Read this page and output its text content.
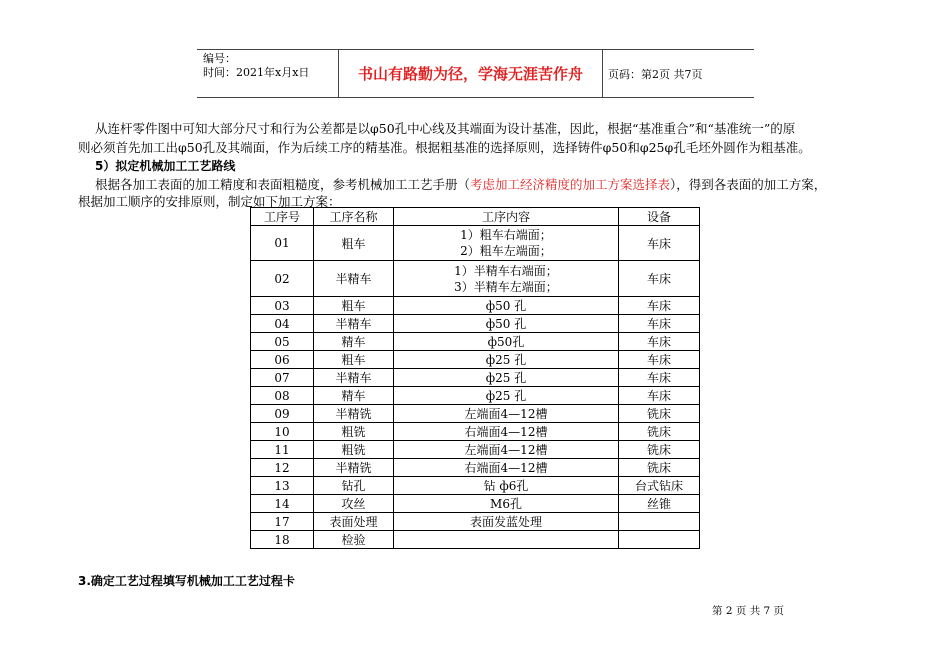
编号：
时间：2021年x月x日	书山有路勤为径，学海无涯苦作舟	页码：第2页 共7页
从连杆零件图中可知大部分尺寸和行为公差都是以φ50孔中心线及其端面为设计基准，因此，根据“基准重合”和“基准统一”的原
则必须首先加工出φ50孔及其端面，作为后续工序的精基准。根据粗基准的选择原则，选择铸件φ50和φ25φ孔毛坯外圆作为粗基准。
5）拟定机械加工工艺路线
根据各加工表面的加工精度和表面粗糙度，参考机械加工工艺手册（考虑加工经济精度的加工方案选择表），得到各表面的加工方案，
根据加工顺序的安排原则，制定如下加工方案：
工序号	工序名称	工序内容	设备
01	粗车	1）粗车右端面；
2）粗车左端面；	车床
02	半精车	1）半精车右端面；
3）半精车左端面；	车床
03	粗车	ф50 孔	车床
04	半精车	ф50 孔	车床
05	精车	ф50孔	车床
06	粗车	ф25 孔	车床
07	半精车	ф25 孔	车床
08	精车	ф25 孔	车床
09	半精铣	左端面4—12槽	铣床
10	粗铣	右端面4—12槽	铣床
11	粗铣	左端面4—12槽	铣床
12	半精铣	右端面4—12槽	铣床
13	钻孔	钻 ф6孔	台式钻床
14	攻丝	M6孔	丝锥
17	表面处理	表面发蓝处理	
18	检验		
3.确定工艺过程填写机械加工工艺过程卡
第 2 页 共 7 页
